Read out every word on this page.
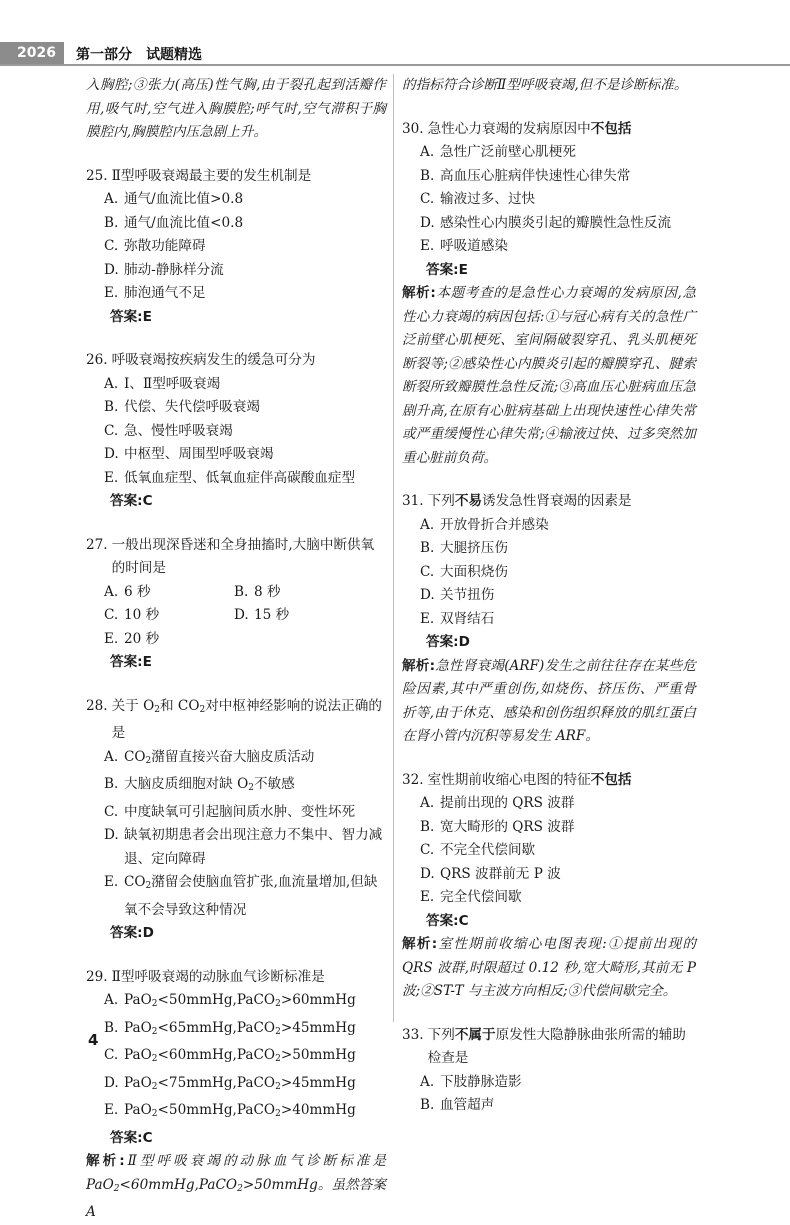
2026	第一部分　试题精选
入胸腔;③张力(高压)性气胸,由于裂孔起到活瓣作用,吸气时,空气进入胸膜腔;呼气时,空气滞积于胸膜腔内,胸膜腔内压急剧上升。
25. Ⅱ型呼吸衰竭最主要的发生机制是
A. 通气/血流比值>0.8
B. 通气/血流比值<0.8
C. 弥散功能障碍
D. 肺动-静脉样分流
E. 肺泡通气不足
答案:E
26. 呼吸衰竭按疾病发生的缓急可分为
A. Ⅰ、Ⅱ型呼吸衰竭
B. 代偿、失代偿呼吸衰竭
C. 急、慢性呼吸衰竭
D. 中枢型、周围型呼吸衰竭
E. 低氧血症型、低氧血症伴高碳酸血症型
答案:C
27. 一般出现深昏迷和全身抽搐时,大脑中断供氧的时间是
A. 6 秒	B. 8 秒
C. 10 秒	D. 15 秒
E. 20 秒
答案:E
28. 关于 $O_2$和 $CO_2$对中枢神经影响的说法正确的是
A. $CO_2$潴留直接兴奋大脑皮质活动
B. 大脑皮质细胞对缺 $O_2$不敏感
C. 中度缺氧可引起脑间质水肿、变性坏死
D. 缺氧初期患者会出现注意力不集中、智力减退、定向障碍
E. $CO_2$潴留会使脑血管扩张,血流量增加,但缺氧不会导致这种情况
答案:D
29. Ⅱ型呼吸衰竭的动脉血气诊断标准是
A. PaO$_2$<50mmHg,PaCO$_2$>60mmHg
B. PaO$_2$<65mmHg,PaCO$_2$>45mmHg
C. PaO$_2$<60mmHg,PaCO$_2$>50mmHg
D. PaO$_2$<75mmHg,PaCO$_2$>45mmHg
E. PaO$_2$<50mmHg,PaCO$_2$>40mmHg
答案:C
解析:Ⅱ型呼吸衰竭的动脉血气诊断标准是 PaO$_2$<60mmHg,PaCO$_2$>50mmHg。虽然答案 A
的指标符合诊断Ⅱ型呼吸衰竭,但不是诊断标准。
30. 急性心力衰竭的发病原因中不包括
A. 急性广泛前壁心肌梗死
B. 高血压心脏病伴快速性心律失常
C. 输液过多、过快
D. 感染性心内膜炎引起的瓣膜性急性反流
E. 呼吸道感染
答案:E
解析:本题考查的是急性心力衰竭的发病原因,急性心力衰竭的病因包括:①与冠心病有关的急性广泛前壁心肌梗死、室间隔破裂穿孔、乳头肌梗死断裂等;②感染性心内膜炎引起的瓣膜穿孔、腱索断裂所致瓣膜性急性反流;③高血压心脏病血压急剧升高,在原有心脏病基础上出现快速性心律失常或严重缓慢性心律失常;④输液过快、过多突然加重心脏前负荷。
31. 下列不易诱发急性肾衰竭的因素是
A. 开放骨折合并感染
B. 大腿挤压伤
C. 大面积烧伤
D. 关节扭伤
E. 双肾结石
答案:D
解析:急性肾衰竭(ARF)发生之前往往存在某些危险因素,其中严重创伤,如烧伤、挤压伤、严重骨折等,由于休克、感染和创伤组织释放的肌红蛋白在肾小管内沉积等易发生 ARF。
32. 室性期前收缩心电图的特征不包括
A. 提前出现的 QRS 波群
B. 宽大畸形的 QRS 波群
C. 不完全代偿间歇
D. QRS 波群前无 P 波
E. 完全代偿间歇
答案:C
解析:室性期前收缩心电图表现:①提前出现的 QRS 波群,时限超过 0.12 秒,宽大畸形,其前无 P 波;②ST-T 与主波方向相反;③代偿间歇完全。
33. 下列不属于原发性大隐静脉曲张所需的辅助检查是
A. 下肢静脉造影
B. 血管超声
4
